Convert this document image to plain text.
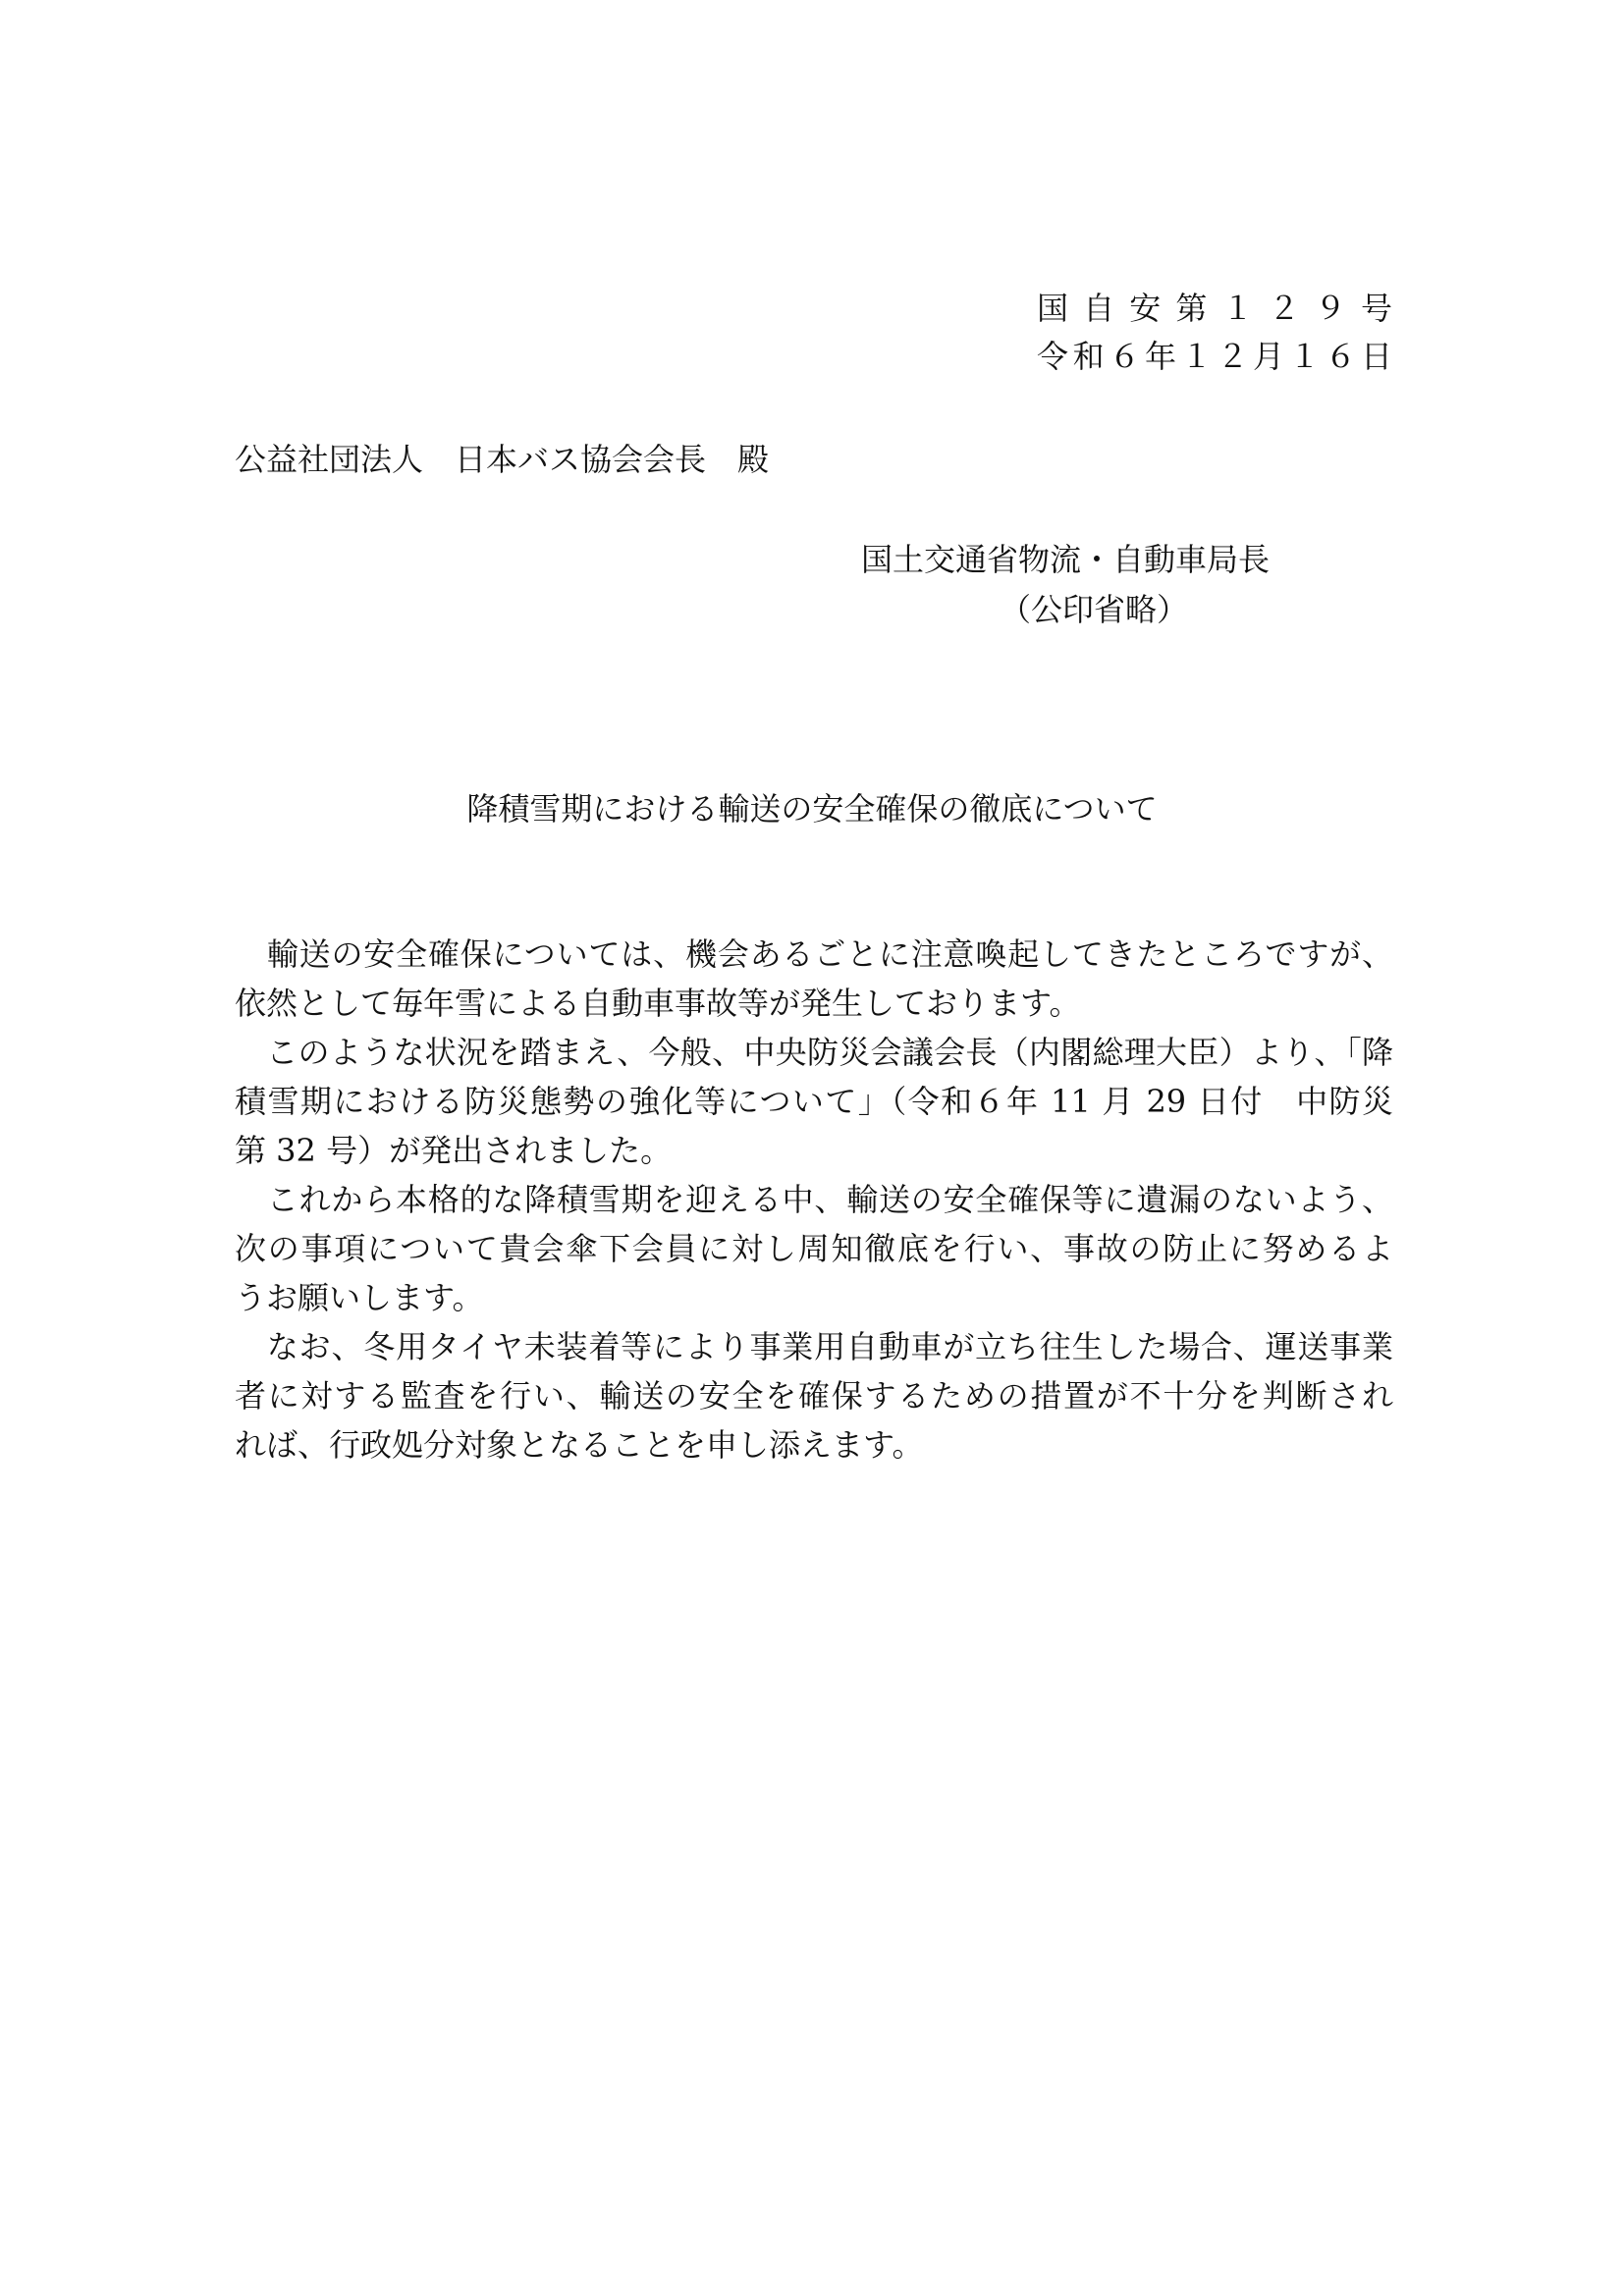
国 自 安 第 １ ２ ９ 号
令和６年１２月１６日
公益社団法人　日本バス協会会長　殿
国土交通省物流・自動車局長
（公印省略）
降積雪期における輸送の安全確保の徹底について
　輸送の安全確保については、機会あるごとに注意喚起してきたところですが、
依然として毎年雪による自動車事故等が発生しております。
　このような状況を踏まえ、今般、中央防災会議会長（内閣総理大臣）より、「降
積雪期における防災態勢の強化等について」（令和６年 11 月 29 日付　中防災
第 32 号）が発出されました。
　これから本格的な降積雪期を迎える中、輸送の安全確保等に遺漏のないよう、
次の事項について貴会傘下会員に対し周知徹底を行い、事故の防止に努めるよ
うお願いします。
　なお、冬用タイヤ未装着等により事業用自動車が立ち往生した場合、運送事業
者に対する監査を行い、輸送の安全を確保するための措置が不十分を判断され
れば、行政処分対象となることを申し添えます。
